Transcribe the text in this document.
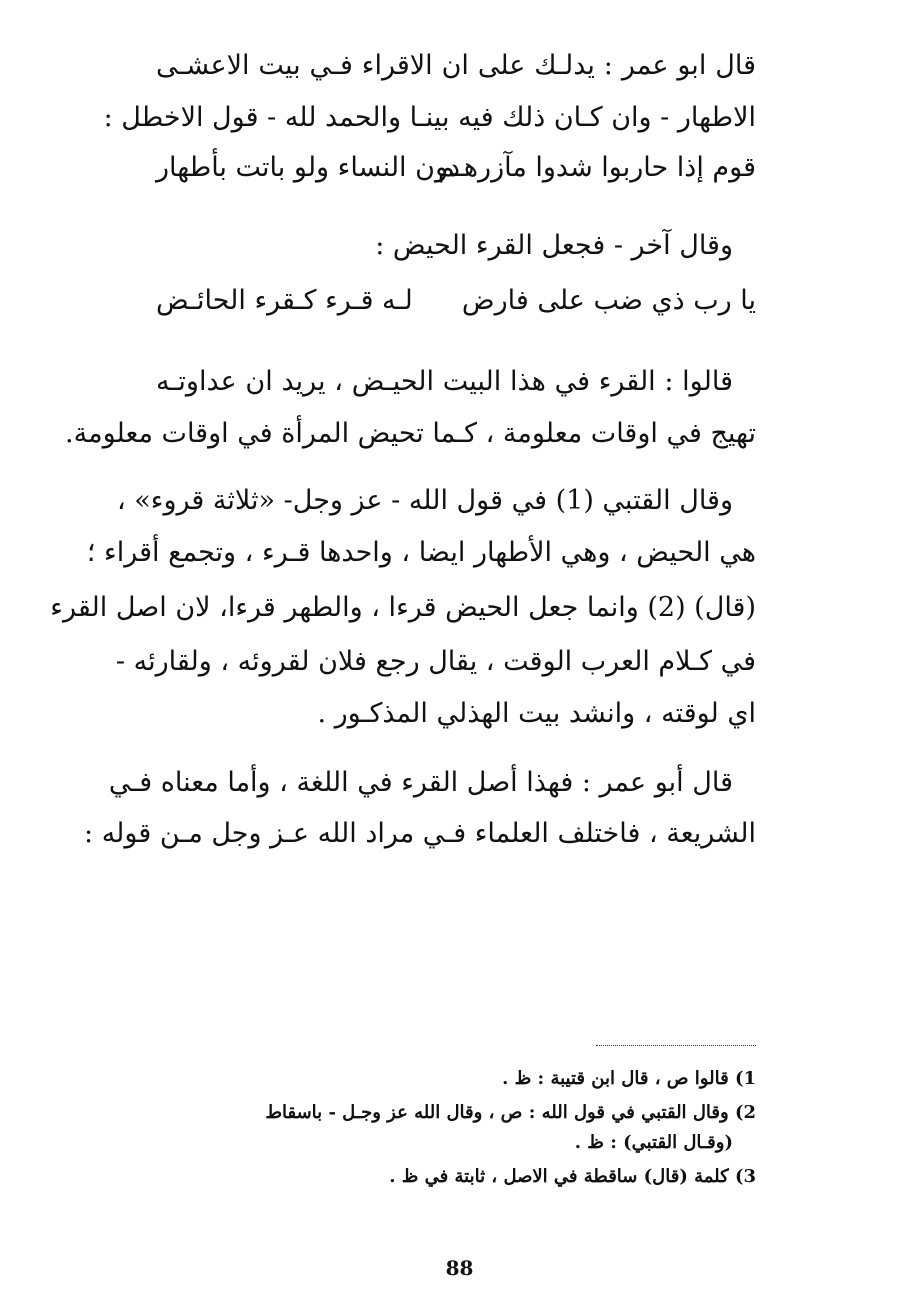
قال ابو عمر : يدلـك على ان الاقراء فـي بيت الاعشـى
الاطهار - وان كـان ذلك فيه بينـا والحمد لله - قول الاخطل :
قوم إذا حاربوا شدوا مآزرهـم
دون النساء ولو باتت بأطهار
وقال آخر - فجعل القرء الحيض :
يا رب ذي ضب على فارض
لـه قـرء كـقرء الحائـض
قالوا : القرء في هذا البيت الحيـض ، يريد ان عداوتـه
تهيج في اوقات معلومة ، كـما تحيض المرأة في اوقات معلومة.
وقال القتبي (1) في قول الله - عز وجل- «ثلاثة قروء» ،
هي الحيض ، وهي الأطهار ايضا ، واحدها قـرء ، وتجمع أقراء ؛
(قال) (2) وانما جعل الحيض قرءا ، والطهر قرءا، لان اصل القرء
في كـلام العرب الوقت ، يقال رجع فلان لقروئه ، ولقارئه -
اي لوقته ، وانشد بيت الهذلي المذكـور .
قال أبو عمر : فهذا أصل القرء في اللغة ، وأما معناه فـي
الشريعة ، فاختلف العلماء فـي مراد الله عـز وجل مـن قوله :
1) قالوا ص ، قال ابن قتيبة : ظ .
2) وقال القتبي في قول الله : ص ، وقال الله عز وجـل - باسقاط
(وقـال القتبي) : ظ .
3) كلمة (قال) ساقطة في الاصل ، ثابتة في ظ .
88
